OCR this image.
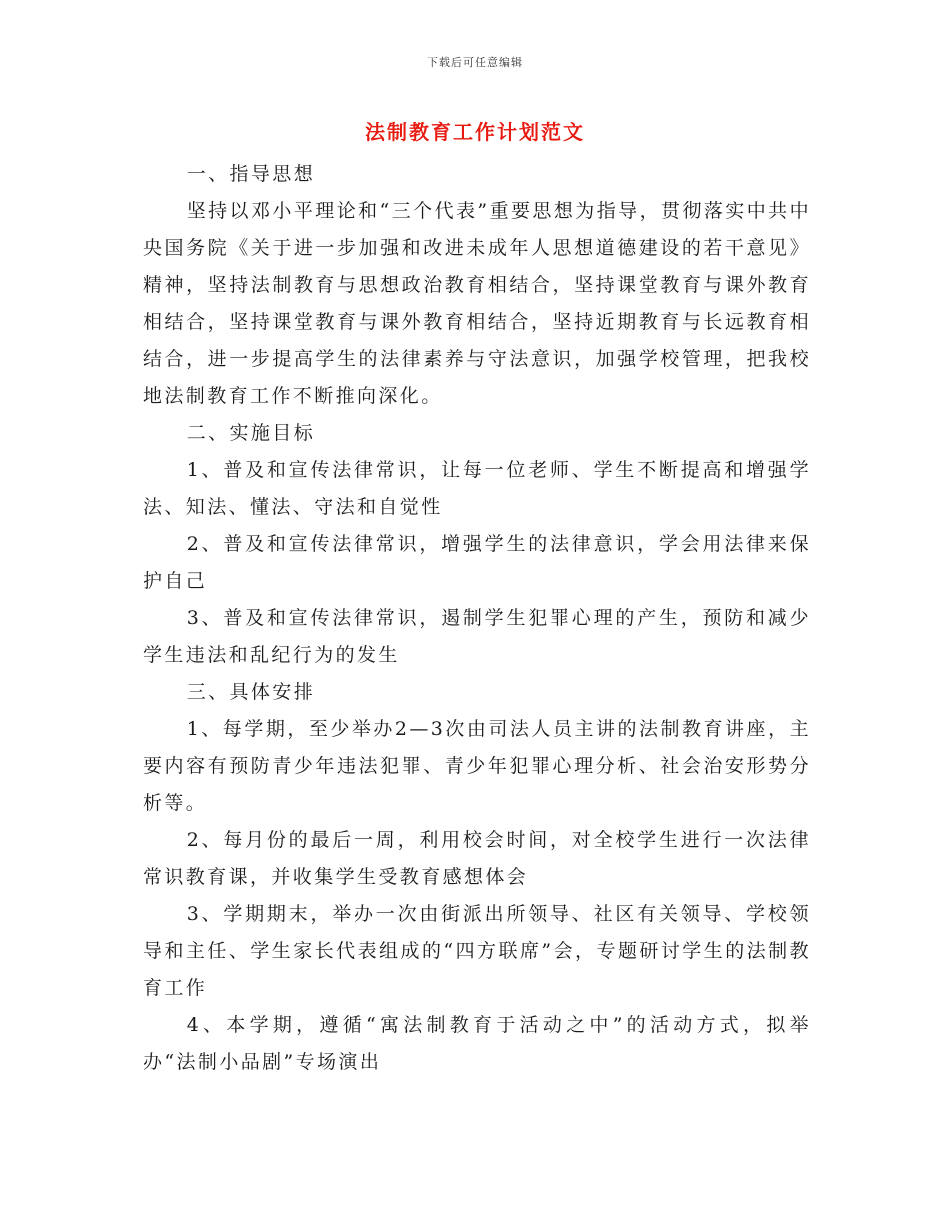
下载后可任意编辑
法制教育工作计划范文

一、指导思想

坚持以邓小平理论和“三个代表”重要思想为指导，贯彻落实中共中央国务院《关于进一步加强和改进未成年人思想道德建设的若干意见》精神，坚持法制教育与思想政治教育相结合，坚持课堂教育与课外教育相结合，坚持课堂教育与课外教育相结合，坚持近期教育与长远教育相结合，进一步提高学生的法律素养与守法意识，加强学校管理，把我校地法制教育工作不断推向深化。

二、实施目标

1、普及和宣传法律常识，让每一位老师、学生不断提高和增强学法、知法、懂法、守法和自觉性

2、普及和宣传法律常识，增强学生的法律意识，学会用法律来保护自己

3、普及和宣传法律常识，遏制学生犯罪心理的产生，预防和减少学生违法和乱纪行为的发生

三、具体安排

1、每学期，至少举办2—3次由司法人员主讲的法制教育讲座，主要内容有预防青少年违法犯罪、青少年犯罪心理分析、社会治安形势分析等。

2、每月份的最后一周，利用校会时间，对全校学生进行一次法律常识教育课，并收集学生受教育感想体会

3、学期期末，举办一次由街派出所领导、社区有关领导、学校领导和主任、学生家长代表组成的“四方联席”会，专题研讨学生的法制教育工作

4、本学期，遵循“寓法制教育于活动之中”的活动方式，拟举办“法制小品剧”专场演出
